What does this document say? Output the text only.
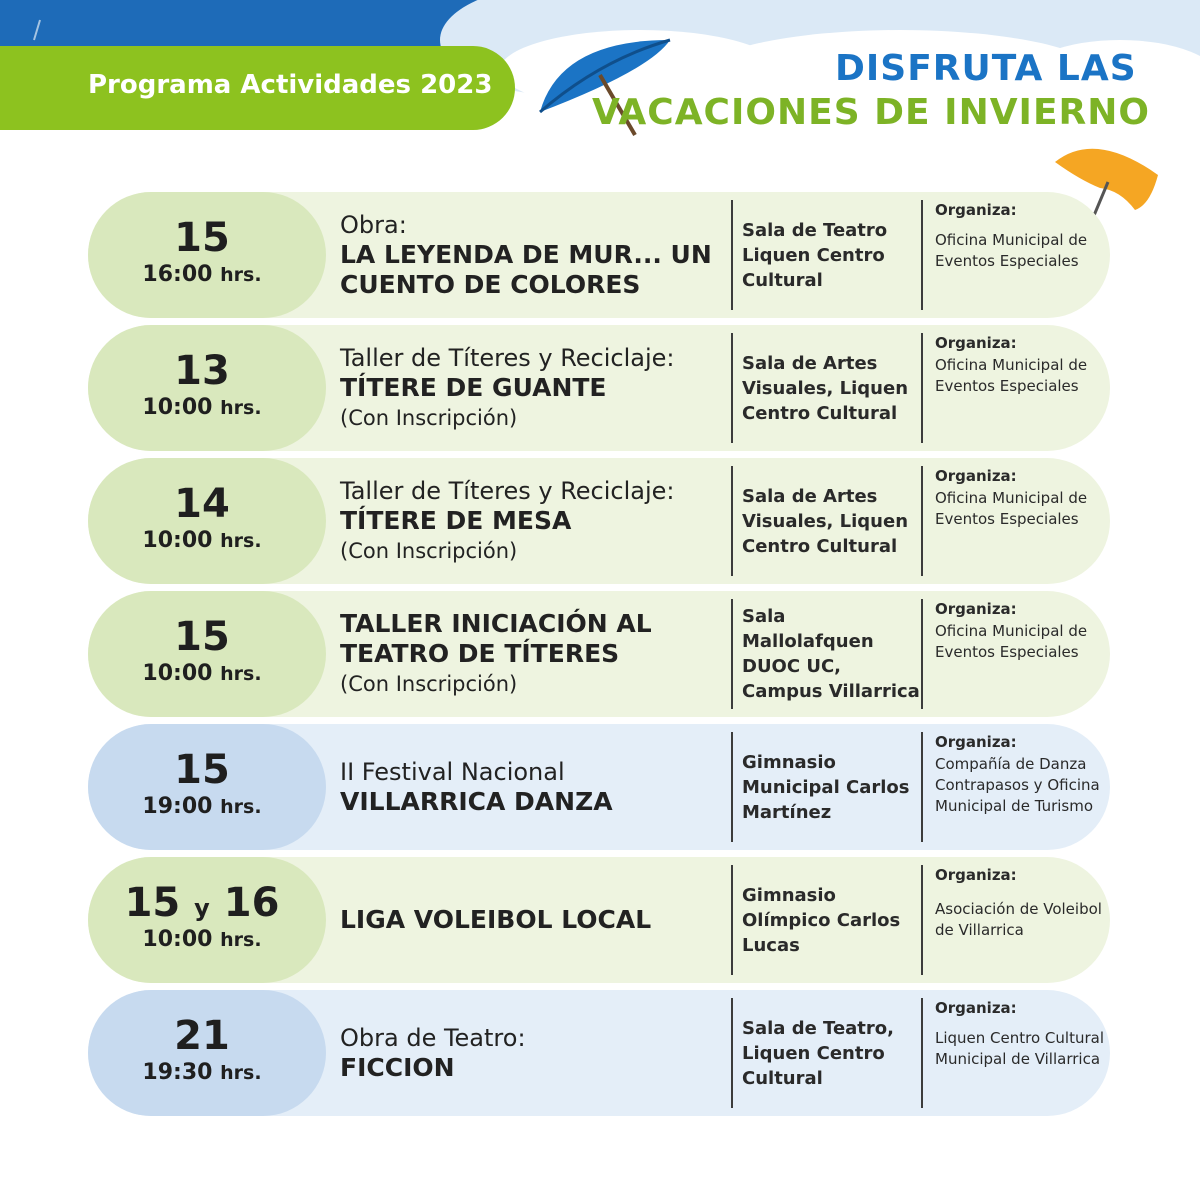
Programa Actividades 2023	DISFRUTA LAS
VACACIONES DE INVIERNO
15
16:00 hrs.
Obra:
LA LEYENDA DE MUR... UN CUENTO DE COLORES
Sala de Teatro Liquen Centro Cultural
Organiza:
Oficina Municipal de Eventos Especiales
13
10:00 hrs.
Taller de Títeres y Reciclaje:
TÍTERE DE GUANTE
(Con Inscripción)
Sala de Artes Visuales, Liquen Centro Cultural
Organiza:
Oficina Municipal de Eventos Especiales
14
10:00 hrs.
Taller de Títeres y Reciclaje:
TÍTERE DE MESA
(Con Inscripción)
Sala de Artes Visuales, Liquen Centro Cultural
Organiza:
Oficina Municipal de Eventos Especiales
15
10:00 hrs.
TALLER INICIACIÓN AL TEATRO DE TÍTERES
(Con Inscripción)
Sala Mallolafquen DUOC UC, Campus Villarrica
Organiza:
Oficina Municipal de Eventos Especiales
15
19:00 hrs.
II Festival Nacional
VILLARRICA DANZA
Gimnasio Municipal Carlos Martínez
Organiza:
Compañía de Danza Contrapasos y Oficina Municipal de Turismo
15 y 16
10:00 hrs.
LIGA VOLEIBOL LOCAL
Gimnasio Olímpico Carlos Lucas
Organiza:
Asociación de Voleibol de Villarrica
21
19:30 hrs.
Obra de Teatro:
FICCION
Sala de Teatro, Liquen Centro Cultural
Organiza:
Liquen Centro Cultural Municipal de Villarrica
